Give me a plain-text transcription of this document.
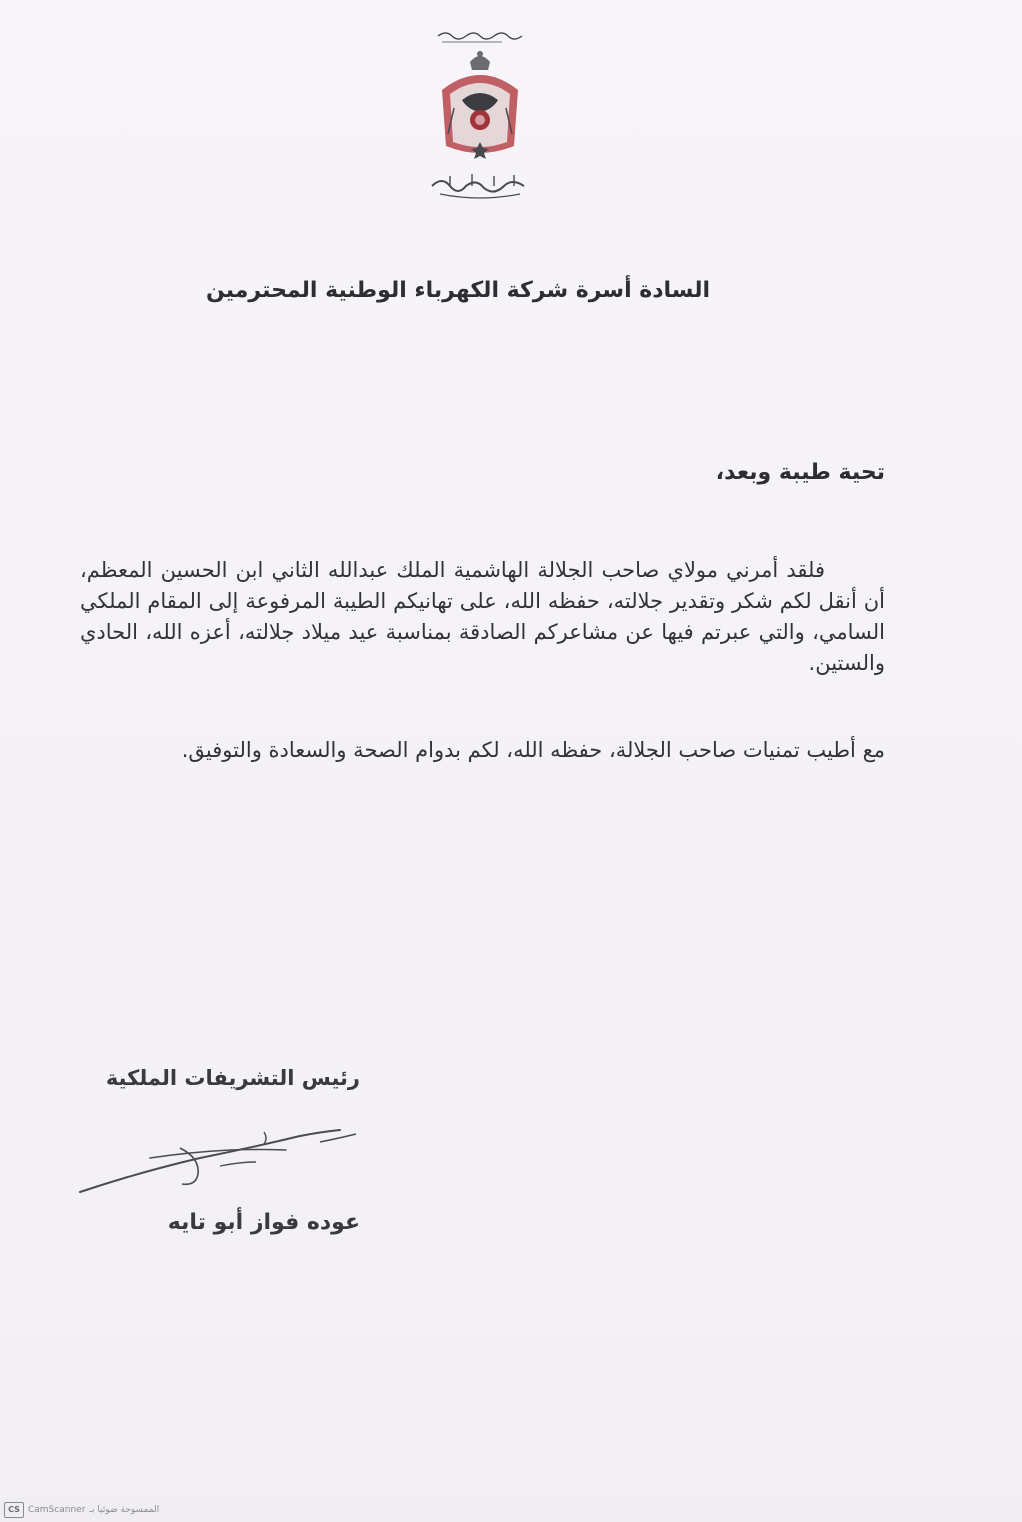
السادة أسرة شركة الكهرباء الوطنية المحترمين
تحية طيبة وبعد،

فلقد أمرني مولاي صاحب الجلالة الهاشمية الملك عبدالله الثاني ابن الحسين المعظم، أن أنقل لكم شكر وتقدير جلالته، حفظه الله، على تهانيكم الطيبة المرفوعة إلى المقام الملكي السامي، والتي عبرتم فيها عن مشاعركم الصادقة بمناسبة عيد ميلاد جلالته، أعزه الله، الحادي والستين.

مع أطيب تمنيات صاحب الجلالة، حفظه الله، لكم بدوام الصحة والسعادة والتوفيق.

رئيس التشريفات الملكية
عوده فواز أبو تايه
CS CamScanner الممسوحة ضوئيا بـ
